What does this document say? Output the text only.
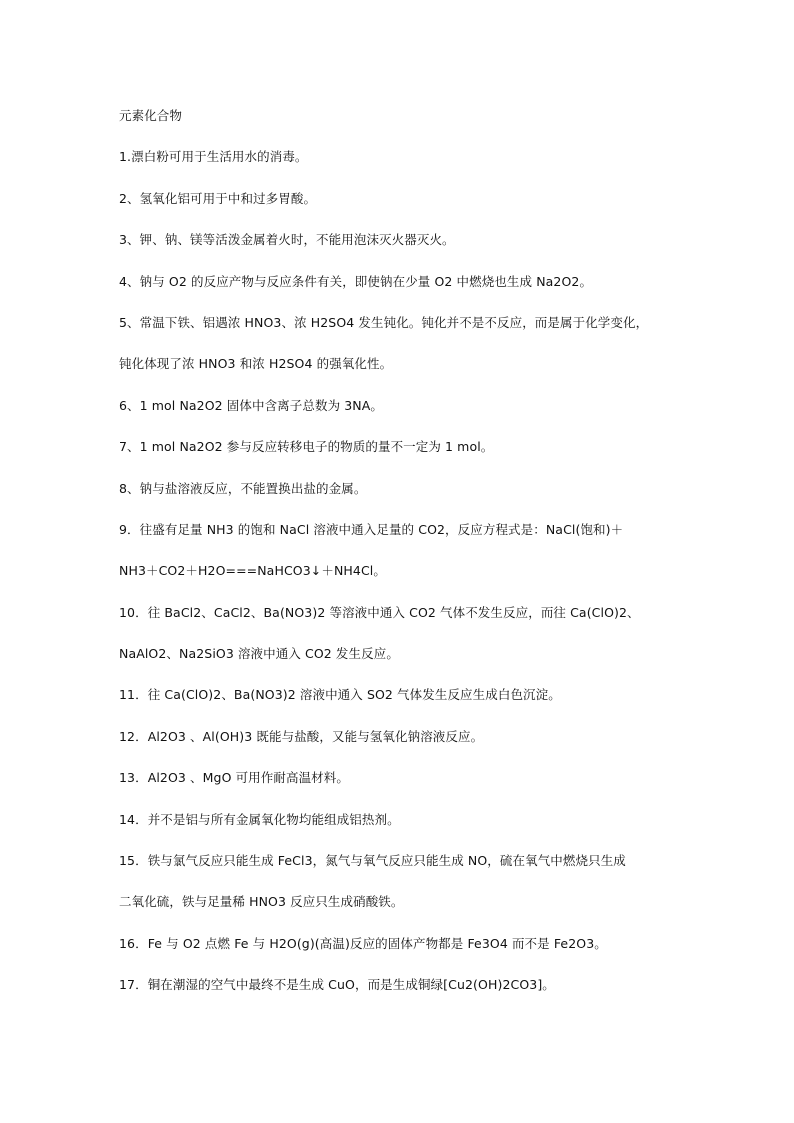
元素化合物
1.漂白粉可用于生活用水的消毒。
2、氢氧化铝可用于中和过多胃酸。
3、钾、钠、镁等活泼金属着火时，不能用泡沫灭火器灭火。
4、钠与 O2 的反应产物与反应条件有关，即使钠在少量 O2 中燃烧也生成 Na2O2。
5、常温下铁、铝遇浓 HNO3、浓 H2SO4 发生钝化。钝化并不是不反应，而是属于化学变化，
钝化体现了浓 HNO3 和浓 H2SO4 的强氧化性。
6、1 mol Na2O2 固体中含离子总数为 3NA。
7、1 mol Na2O2 参与反应转移电子的物质的量不一定为 1 mol。
8、钠与盐溶液反应，不能置换出盐的金属。
9．往盛有足量 NH3 的饱和 NaCl 溶液中通入足量的 CO2，反应方程式是：NaCl(饱和)＋
NH3＋CO2＋H2O===NaHCO3↓＋NH4Cl。
10．往 BaCl2、CaCl2、Ba(NO3)2 等溶液中通入 CO2 气体不发生反应，而往 Ca(ClO)2、
NaAlO2、Na2SiO3 溶液中通入 CO2 发生反应。
11．往 Ca(ClO)2、Ba(NO3)2 溶液中通入 SO2 气体发生反应生成白色沉淀。
12．Al2O3 、Al(OH)3 既能与盐酸，又能与氢氧化钠溶液反应。
13．Al2O3 、MgO 可用作耐高温材料。
14．并不是铝与所有金属氧化物均能组成铝热剂。
15．铁与氯气反应只能生成 FeCl3，氮气与氧气反应只能生成 NO，硫在氧气中燃烧只生成
二氧化硫，铁与足量稀 HNO3 反应只生成硝酸铁。
16．Fe 与 O2 点燃 Fe 与 H2O(g)(高温)反应的固体产物都是 Fe3O4 而不是 Fe2O3。
17．铜在潮湿的空气中最终不是生成 CuO，而是生成铜绿[Cu2(OH)2CO3]。
